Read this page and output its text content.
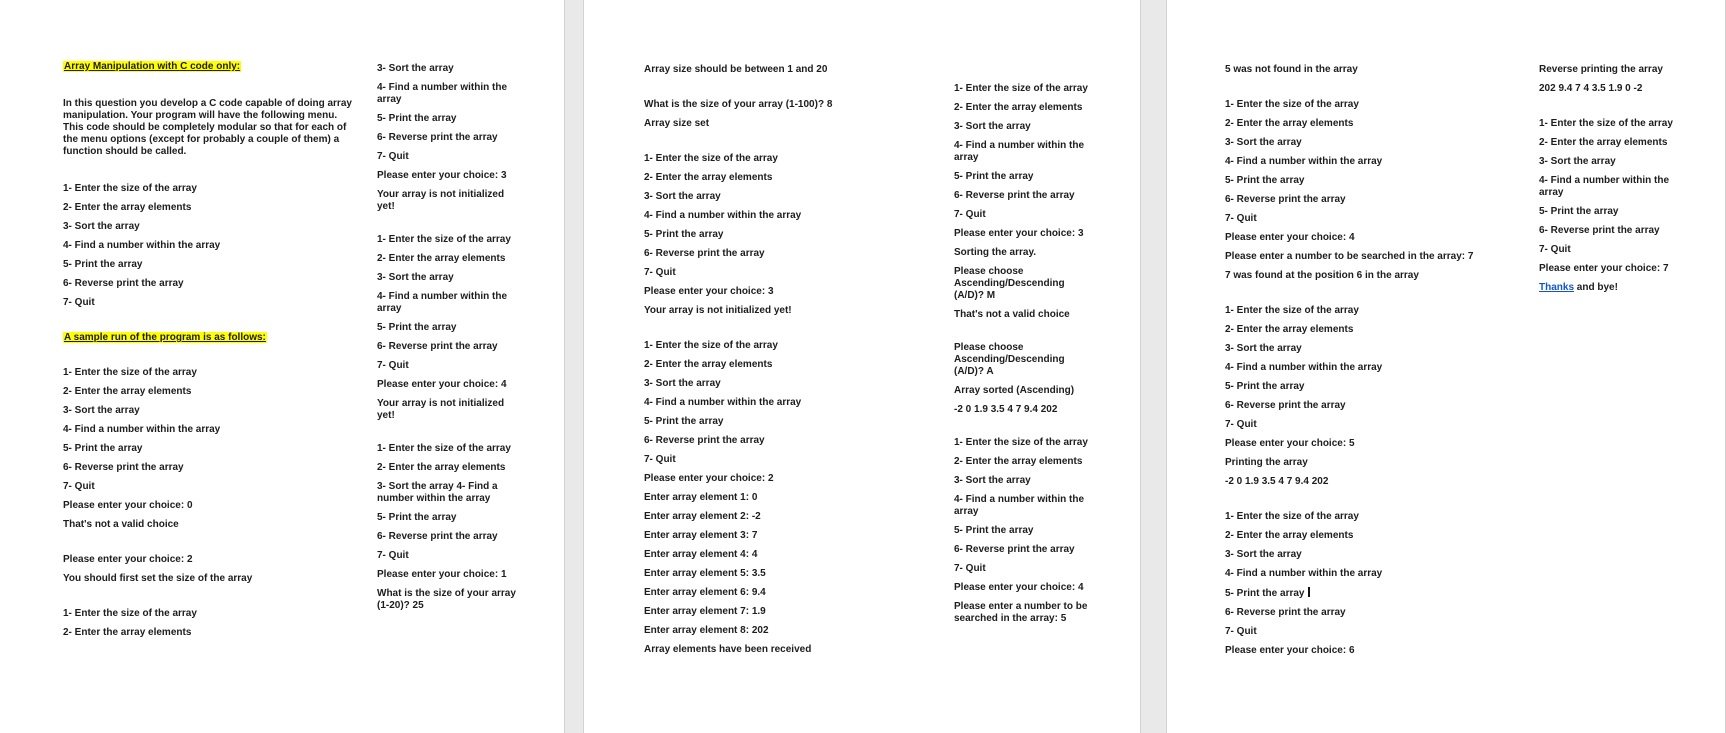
Array Manipulation with C code only:
In this question you develop a C code capable of doing array manipulation. Your program will have the following menu. This code should be completely modular so that for each of the menu options (except for probably a couple of them) a function should be called.
1- Enter the size of the array
2- Enter the array elements
3- Sort the array
4- Find a number within the array
5- Print the array
6- Reverse print the array
7- Quit
A sample run of the program is as follows:
1- Enter the size of the array
2- Enter the array elements
3- Sort the array
4- Find a number within the array
5- Print the array
6- Reverse print the array
7- Quit
Please enter your choice: 0
That's not a valid choice
Please enter your choice: 2
You should first set the size of the array
1- Enter the size of the array
2- Enter the array elements
3- Sort the array
4- Find a number within the array
5- Print the array
6- Reverse print the array
7- Quit
Please enter your choice: 3
Your array is not initialized yet!
1- Enter the size of the array
2- Enter the array elements
3- Sort the array
4- Find a number within the array
5- Print the array
6- Reverse print the array
7- Quit
Please enter your choice: 4
Your array is not initialized yet!
1- Enter the size of the array
2- Enter the array elements
3- Sort the array 4- Find a number within the array
5- Print the array
6- Reverse print the array
7- Quit
Please enter your choice: 1
What is the size of your array (1-20)? 25
Array size should be between 1 and 20
What is the size of your array (1-100)? 8
Array size set
1- Enter the size of the array
2- Enter the array elements
3- Sort the array
4- Find a number within the array
5- Print the array
6- Reverse print the array
7- Quit
Please enter your choice: 3
Your array is not initialized yet!
1- Enter the size of the array
2- Enter the array elements
3- Sort the array
4- Find a number within the array
5- Print the array
6- Reverse print the array
7- Quit
Please enter your choice: 2
Enter array element 1: 0
Enter array element 2: -2
Enter array element 3: 7
Enter array element 4: 4
Enter array element 5: 3.5
Enter array element 6: 9.4
Enter array element 7: 1.9
Enter array element 8: 202
Array elements have been received
1- Enter the size of the array
2- Enter the array elements
3- Sort the array
4- Find a number within the array
5- Print the array
6- Reverse print the array
7- Quit
Please enter your choice: 3
Sorting the array.
Please choose Ascending/Descending (A/D)? M
That's not a valid choice
Please choose Ascending/Descending (A/D)? A
Array sorted (Ascending)
-2 0 1.9 3.5 4 7 9.4 202
1- Enter the size of the array
2- Enter the array elements
3- Sort the array
4- Find a number within the array
5- Print the array
6- Reverse print the array
7- Quit
Please enter your choice: 4
Please enter a number to be searched in the array: 5
5 was not found in the array
1- Enter the size of the array
2- Enter the array elements
3- Sort the array
4- Find a number within the array
5- Print the array
6- Reverse print the array
7- Quit
Please enter your choice: 4
Please enter a number to be searched in the array: 7
7 was found at the position 6 in the array
1- Enter the size of the array
2- Enter the array elements
3- Sort the array
4- Find a number within the array
5- Print the array
6- Reverse print the array
7- Quit
Please enter your choice: 5
Printing the array
-2 0 1.9 3.5 4 7 9.4 202
1- Enter the size of the array
2- Enter the array elements
3- Sort the array
4- Find a number within the array
5- Print the array
6- Reverse print the array
7- Quit
Please enter your choice: 6
Reverse printing the array
202 9.4 7 4 3.5 1.9 0 -2
1- Enter the size of the array
2- Enter the array elements
3- Sort the array
4- Find a number within the array
5- Print the array
6- Reverse print the array
7- Quit
Please enter your choice: 7
Thanks and bye!
